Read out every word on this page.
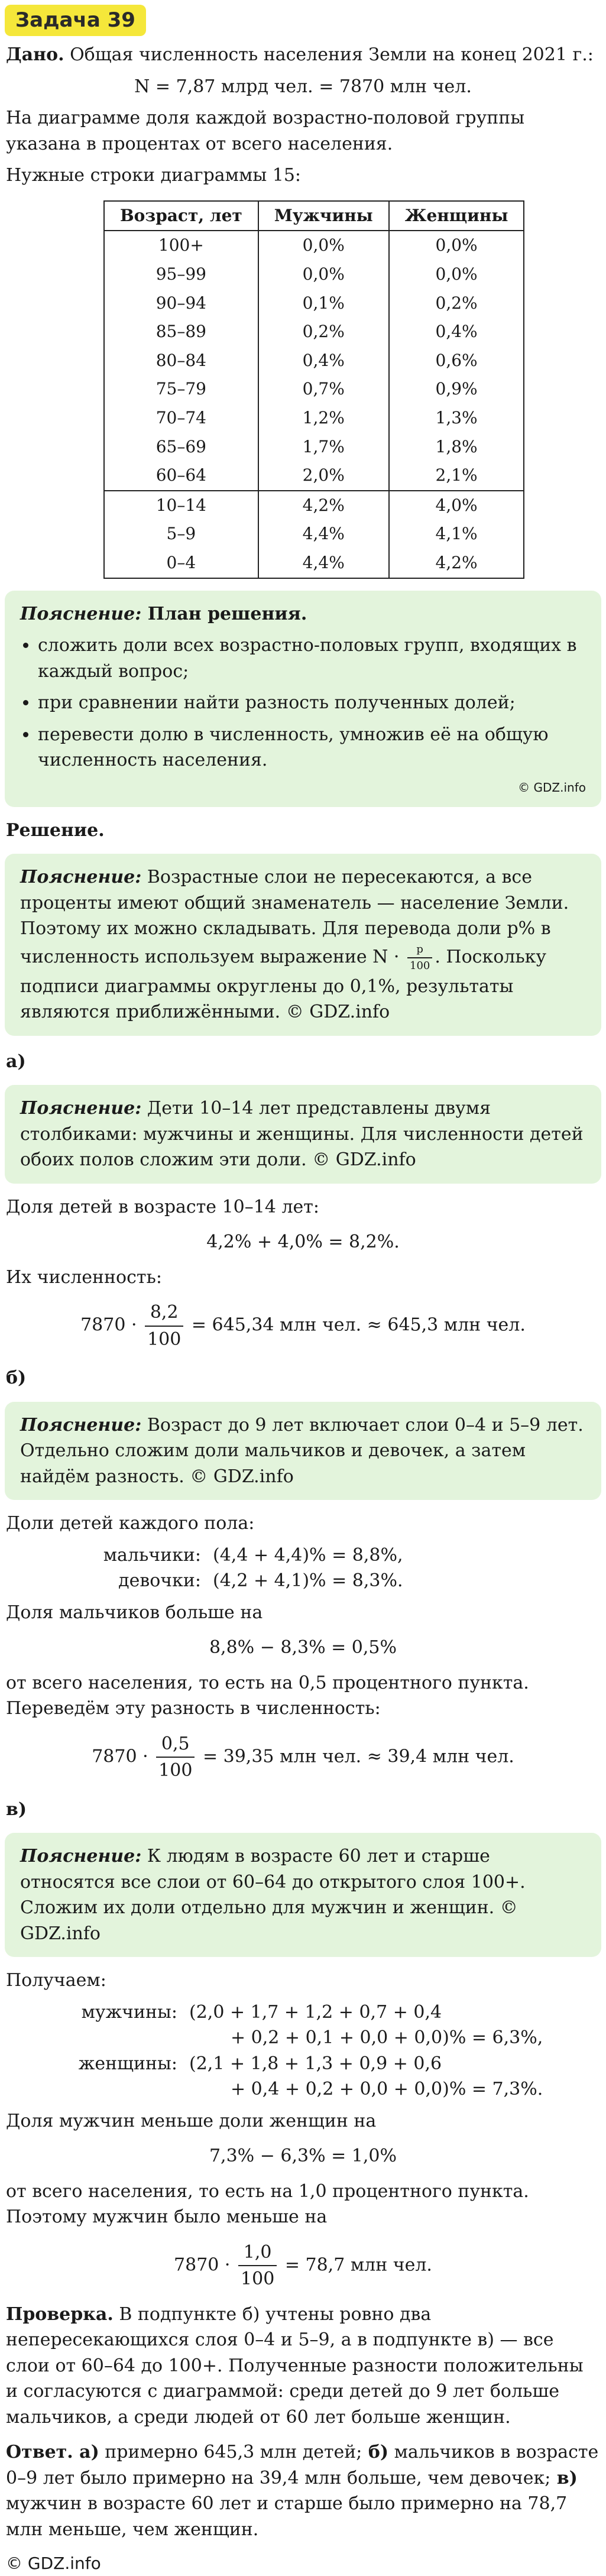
Задача 39

Дано. Общая численность населения Земли на конец 2021 г.:

N = 7,87 млрд чел. = 7870 млн чел.

На диаграмме доля каждой возрастно-половой группы указана в процентах от всего населения.

Нужные строки диаграммы 15:

Возраст, лет	Мужчины	Женщины
100+	0,0%	0,0%
95–99	0,0%	0,0%
90–94	0,1%	0,2%
85–89	0,2%	0,4%
80–84	0,4%	0,6%
75–79	0,7%	0,9%
70–74	1,2%	1,3%
65–69	1,7%	1,8%
60–64	2,0%	2,1%
10–14	4,2%	4,0%
5–9	4,4%	4,1%
0–4	4,4%	4,2%
Пояснение: План решения.
• сложить доли всех возрастно-половых групп, входящих в каждый вопрос;
• при сравнении найти разность полученных долей;
• перевести долю в численность, умножив её на общую численность населения.
© GDZ.info

Решение.

Пояснение: Возрастные слои не пересекаются, а все проценты имеют общий знаменатель — население Земли. Поэтому их можно складывать. Для перевода доли p% в численность используем выражение $N \cdot \frac{p}{100}$ . Поскольку подписи диаграммы округлены до 0,1%, результаты являются приближёнными. © GDZ.info
а)
Пояснение: Дети 10–14 лет представлены двумя столбиками: мужчины и женщины. Для численности детей обоих полов сложим эти доли. © GDZ.info

Доля детей в возрасте 10–14 лет:

4,2% + 4,0% = 8,2%.

Их численность:

$7870 \cdot \frac{8,2}{100} = 645,34$ млн чел. ≈ 645,3 млн чел.
б)
Пояснение: Возраст до 9 лет включает слои 0–4 и 5–9 лет. Отдельно сложим доли мальчиков и девочек, а затем найдём разность. © GDZ.info

Доли детей каждого пола:

мальчики: (4,4 + 4,4)% = 8,8%,
девочки: (4,2 + 4,1)% = 8,3%.

Доля мальчиков больше на

8,8% − 8,3% = 0,5%

от всего населения, то есть на 0,5 процентного пункта. Переведём эту разность в численность:

$7870 \cdot \frac{0,5}{100} = 39,35$ млн чел. ≈ 39,4 млн чел.
в)
Пояснение: К людям в возрасте 60 лет и старше относятся все слои от 60–64 до открытого слоя 100+. Сложим их доли отдельно для мужчин и женщин. © GDZ.info

Получаем:

мужчины: (2,0 + 1,7 + 1,2 + 0,7 + 0,4
+ 0,2 + 0,1 + 0,0 + 0,0)% = 6,3%,
женщины: (2,1 + 1,8 + 1,3 + 0,9 + 0,6
+ 0,4 + 0,2 + 0,0 + 0,0)% = 7,3%.

Доля мужчин меньше доли женщин на

7,3% − 6,3% = 1,0%

от всего населения, то есть на 1,0 процентного пункта. Поэтому мужчин было меньше на

$7870 \cdot \frac{1,0}{100} = 78,7$ млн чел.
Проверка. В подпункте б) учтены ровно два непересекающихся слоя 0–4 и 5–9, а в подпункте в) — все слои от 60–64 до 100+. Полученные разности положительны и согласуются с диаграммой: среди детей до 9 лет больше мальчиков, а среди людей от 60 лет больше женщин.
Ответ. а) примерно 645,3 млн детей; б) мальчиков в возрасте 0–9 лет было примерно на 39,4 млн больше, чем девочек; в) мужчин в возрасте 60 лет и старше было примерно на 78,7 млн меньше, чем женщин.
© GDZ.info
